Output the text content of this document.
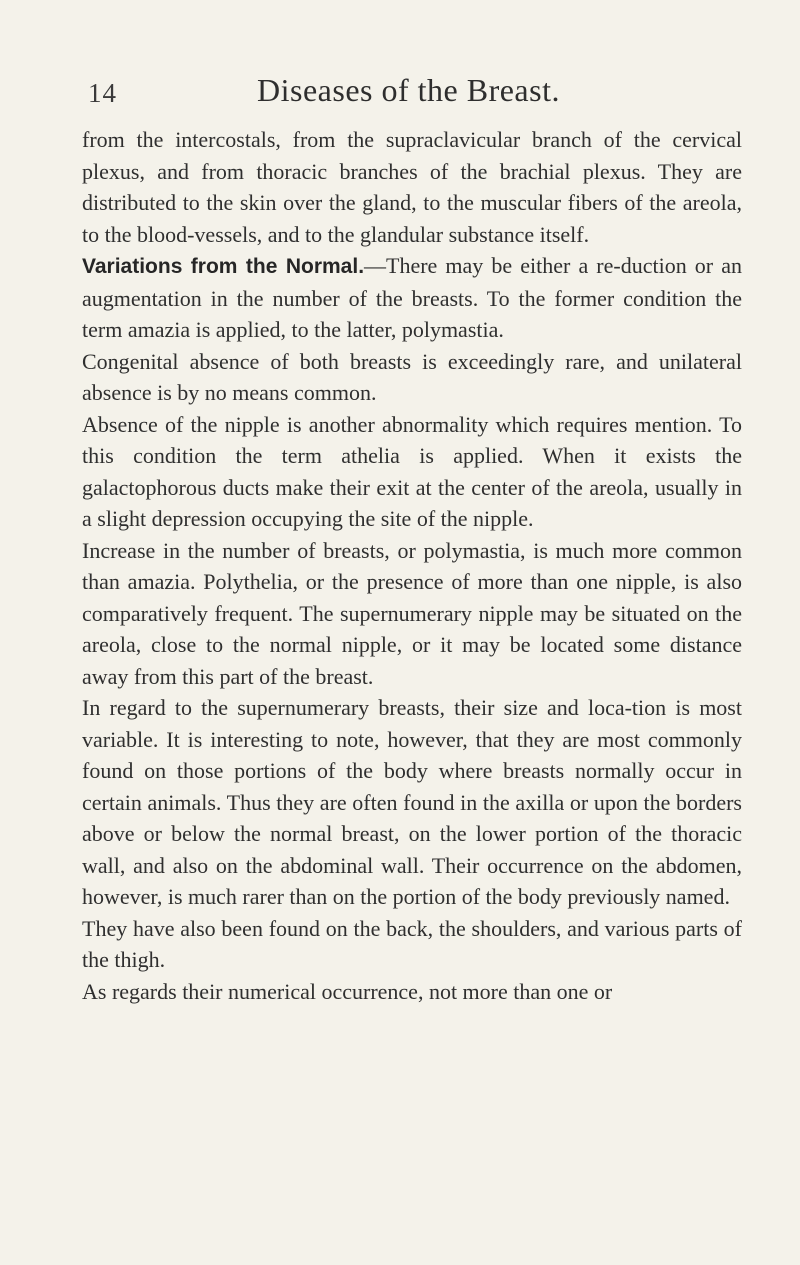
14	Diseases of the Breast.

from the intercostals, from the supraclavicular branch of the cervical plexus, and from thoracic branches of the brachial plexus. They are distributed to the skin over the gland, to the muscular fibers of the areola, to the blood-vessels, and to the glandular substance itself.

Variations from the Normal.—There may be either a re-duction or an augmentation in the number of the breasts. To the former condition the term amazia is applied, to the latter, polymastia.

Congenital absence of both breasts is exceedingly rare, and unilateral absence is by no means common.

Absence of the nipple is another abnormality which requires mention. To this condition the term athelia is applied. When it exists the galactophorous ducts make their exit at the center of the areola, usually in a slight depression occupying the site of the nipple.

Increase in the number of breasts, or polymastia, is much more common than amazia. Polythelia, or the presence of more than one nipple, is also comparatively frequent. The supernumerary nipple may be situated on the areola, close to the normal nipple, or it may be located some distance away from this part of the breast.

In regard to the supernumerary breasts, their size and loca-tion is most variable. It is interesting to note, however, that they are most commonly found on those portions of the body where breasts normally occur in certain animals. Thus they are often found in the axilla or upon the borders above or below the normal breast, on the lower portion of the thoracic wall, and also on the abdominal wall. Their occurrence on the abdomen, however, is much rarer than on the portion of the body previously named.

They have also been found on the back, the shoulders, and various parts of the thigh.

As regards their numerical occurrence, not more than one or
